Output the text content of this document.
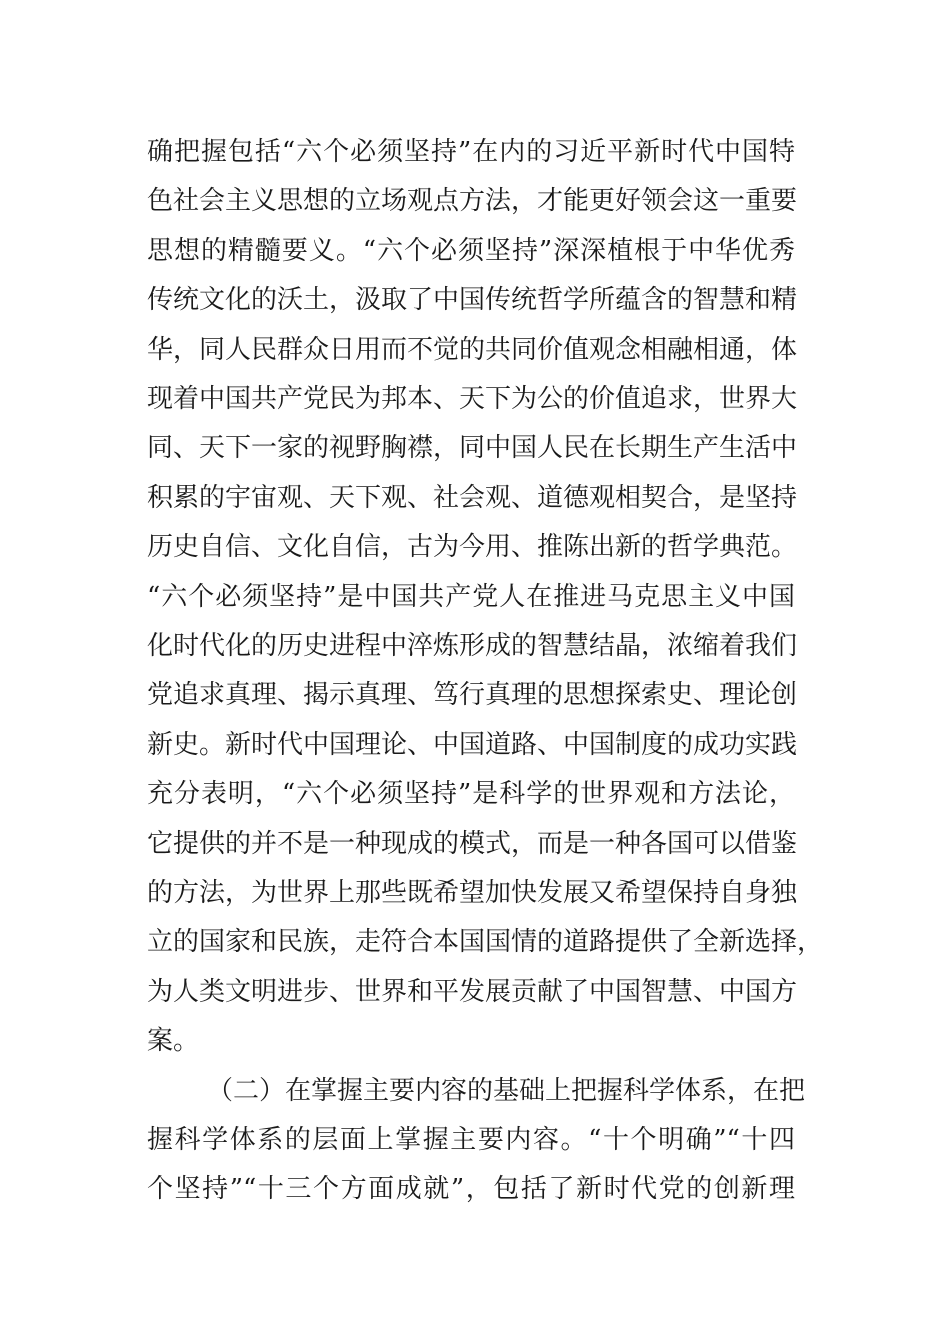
确把握包括“六个必须坚持”在内的习近平新时代中国特
色社会主义思想的立场观点方法，才能更好领会这一重要
思想的精髓要义。“六个必须坚持”深深植根于中华优秀
传统文化的沃土，汲取了中国传统哲学所蕴含的智慧和精
华，同人民群众日用而不觉的共同价值观念相融相通，体
现着中国共产党民为邦本、天下为公的价值追求，世界大
同、天下一家的视野胸襟，同中国人民在长期生产生活中
积累的宇宙观、天下观、社会观、道德观相契合，是坚持
历史自信、文化自信，古为今用、推陈出新的哲学典范。
“六个必须坚持”是中国共产党人在推进马克思主义中国
化时代化的历史进程中淬炼形成的智慧结晶，浓缩着我们
党追求真理、揭示真理、笃行真理的思想探索史、理论创
新史。新时代中国理论、中国道路、中国制度的成功实践
充分表明，“六个必须坚持”是科学的世界观和方法论，
它提供的并不是一种现成的模式，而是一种各国可以借鉴
的方法，为世界上那些既希望加快发展又希望保持自身独
立的国家和民族，走符合本国国情的道路提供了全新选择，
为人类文明进步、世界和平发展贡献了中国智慧、中国方
案。
（二）在掌握主要内容的基础上把握科学体系，在把
握科学体系的层面上掌握主要内容。“十个明确”“十四
个坚持”“十三个方面成就”，包括了新时代党的创新理
